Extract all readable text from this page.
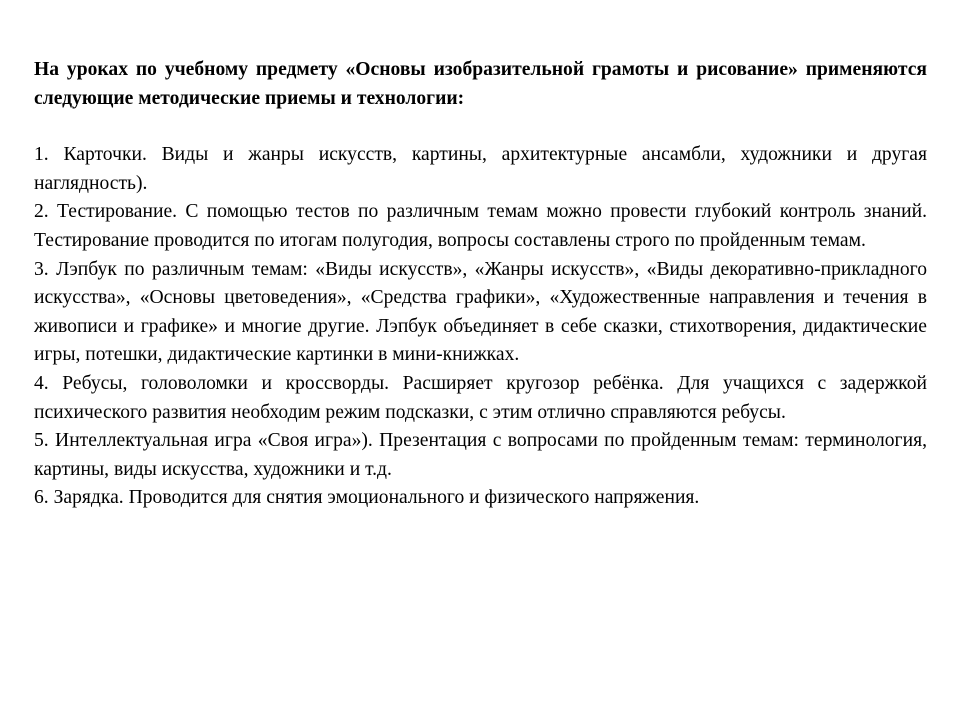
На уроках по учебному предмету «Основы изобразительной грамоты и рисование» применяются следующие методические приемы и технологии:

1. Карточки. Виды и жанры искусств, картины, архитектурные ансамбли, художники и другая наглядность).

2. Тестирование. С помощью тестов по различным темам можно провести глубокий контроль знаний. Тестирование проводится по итогам полугодия, вопросы составлены строго по пройденным темам.

3. Лэпбук по различным темам: «Виды искусств», «Жанры искусств», «Виды декоративно-прикладного искусства», «Основы цветоведения», «Средства графики», «Художественные направления и течения в живописи и графике» и многие другие. Лэпбук объединяет в себе сказки, стихотворения, дидактические игры, потешки, дидактические картинки в мини-книжках.

4. Ребусы, головоломки и кроссворды. Расширяет кругозор ребёнка. Для учащихся с задержкой психического развития необходим режим подсказки, с этим отлично справляются ребусы.

5. Интеллектуальная игра «Своя игра»). Презентация с вопросами по пройденным темам: терминология, картины, виды искусства, художники и т.д.

6. Зарядка. Проводится для снятия эмоционального и физического напряжения.
